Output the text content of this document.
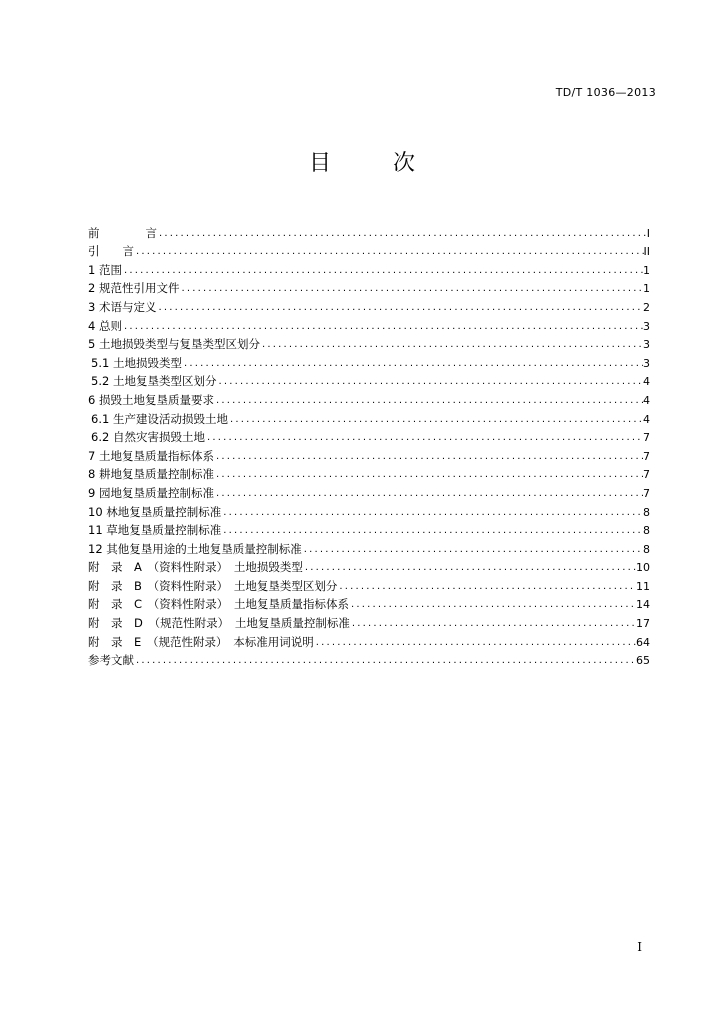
TD/T 1036—2013
目次
前　　　　言 .....	I
引　　言 .....	II
1 范围 .....	1
2 规范性引用文件 .....	1
3 术语与定义 .....	2
4 总则 .....	3
5 土地损毁类型与复垦类型区划分 .....	3
5.1 土地损毁类型 .....	3
5.2 土地复垦类型区划分 .....	4
6 损毁土地复垦质量要求 .....	4
6.1 生产建设活动损毁土地 .....	4
6.2 自然灾害损毁土地 .....	7
7 土地复垦质量指标体系 .....	7
8 耕地复垦质量控制标准 .....	7
9 园地复垦质量控制标准 .....	7
10 林地复垦质量控制标准 .....	8
11 草地复垦质量控制标准 .....	8
12 其他复垦用途的土地复垦质量控制标准 .....	8
附　录　A　（资料性附录）　土地损毁类型 .....	10
附　录　B　（资料性附录）　土地复垦类型区划分 .....	11
附　录　C　（资料性附录）　土地复垦质量指标体系 .....	14
附　录　D　（规范性附录）　土地复垦质量控制标准 .....	17
附　录　E　（规范性附录）　本标准用词说明 .....	64
参考文献 .....	65
I
